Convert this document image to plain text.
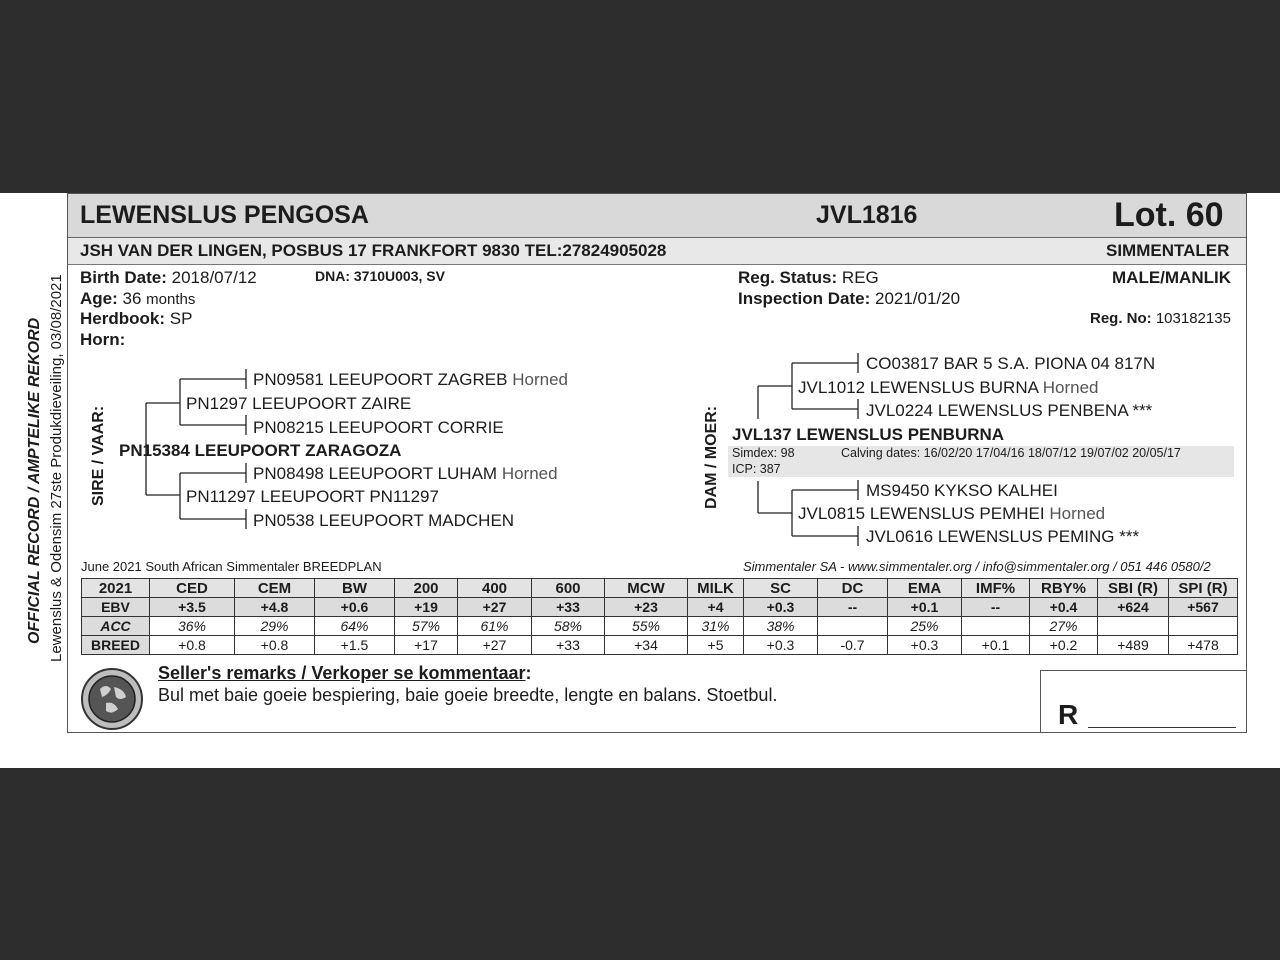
LEWENSLUS PENGOSA	JVL1816	Lot. 60
JSH VAN DER LINGEN, POSBUS 17 FRANKFORT 9830 TEL:27824905028	SIMMENTALER
OFFICIAL RECORD / AMPTELIKE REKORD Lewenslus & Odensim 27ste Produkdieveiling, 03/08/2021 Birth Date: 2018/07/12	DNA: 3710U003, SV
Age: 36 months
Herdbook: SP
Horn:
Reg. Status: REG
Inspection Date: 2021/01/20
MALE/MANLIK
Reg. No: 103182135
SIRE / VAAR:
PN09581 LEEUPOORT ZAGREB Horned
PN1297 LEEUPOORT ZAIRE
PN08215 LEEUPOORT CORRIE
PN15384 LEEUPOORT ZARAGOZA
PN08498 LEEUPOORT LUHAM Horned
PN11297 LEEUPOORT PN11297
PN0538 LEEUPOORT MADCHEN
DAM / MOER:
CO03817 BAR 5 S.A. PIONA 04 817N
JVL1012 LEWENSLUS BURNA Horned
JVL0224 LEWENSLUS PENBENA ***
JVL137 LEWENSLUS PENBURNA
Simdex: 98	Calving dates: 16/02/20 17/04/16 18/07/12 19/07/02 20/05/17
ICP: 387
MS9450 KYKSO KALHEI
JVL0815 LEWENSLUS PEMHEI Horned
JVL0616 LEWENSLUS PEMING ***
June 2021 South African Simmentaler BREEDPLAN	Simmentaler SA - www.simmentaler.org / info@simmentaler.org / 051 446 0580/2
2021	CED	CEM	BW	200	400	600	MCW	MILK	SC	DC	EMA	IMF%	RBY%	SBI (R)	SPI (R)
EBV	+3.5	+4.8	+0.6	+19	+27	+33	+23	+4	+0.3	--	+0.1	--	+0.4	+624	+567
ACC	36%	29%	64%	57%	61%	58%	55%	31%	38%		25%		27%		
BREED	+0.8	+0.8	+1.5	+17	+27	+33	+34	+5	+0.3	-0.7	+0.3	+0.1	+0.2	+489	+478
Seller's remarks / Verkoper se kommentaar:
Bul met baie goeie bespiering, baie goeie breedte, lengte en balans. Stoetbul.
R
